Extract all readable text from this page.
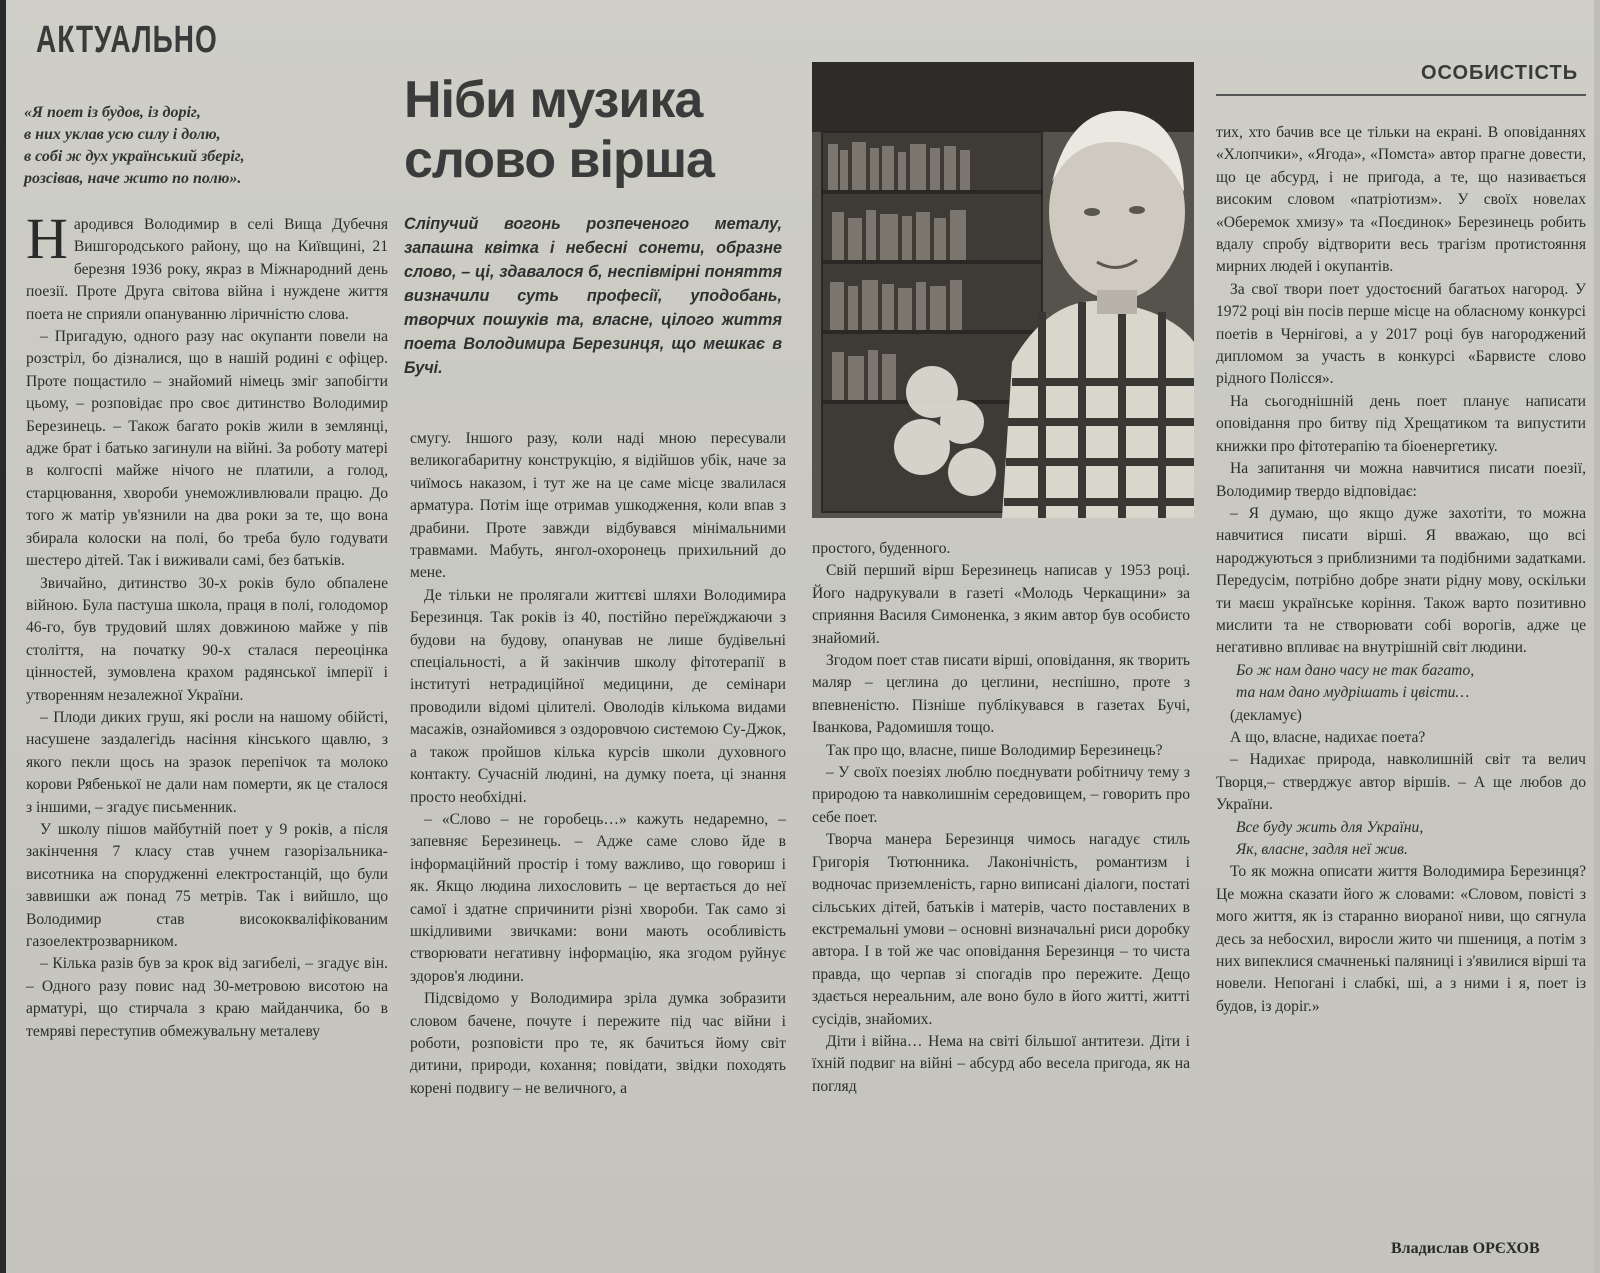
АКТУАЛЬНО
ОСОБИСТІСТЬ
«Я поет із будов, із доріг,
в них уклав усю силу і долю,
в собі ж дух український зберіг,
розсівав, наче жито по полю».
Ніби музика
слово вірша
Сліпучий вогонь розпеченого металу, запашна квітка і небесні сонети, образне слово, – ці, здавалося б, неспівмірні поняття визначили суть професії, уподобань, творчих пошуків та, власне, цілого життя поета Володимира Березинця, що мешкає в Бучі.

Народився Володимир в селі Вища Дубечня Вишгородського району, що на Київщині, 21 березня 1936 року, якраз в Міжнародний день поезії. Проте Друга світова війна і нуждене життя поета не сприяли опануванню ліричністю слова.

– Пригадую, одного разу нас окупанти повели на розстріл, бо дізналися, що в нашій родині є офіцер. Проте пощастило – знайомий німець зміг запобігти цьому, – розповідає про своє дитинство Володимир Березинець. – Також багато років жили в землянці, адже брат і батько загинули на війні. За роботу матері в колгоспі майже нічого не платили, а голод, старцювання, хвороби унеможливлювали працю. До того ж матір ув'язнили на два роки за те, що вона збирала колоски на полі, бо треба було годувати шестеро дітей. Так і виживали самі, без батьків.

Звичайно, дитинство 30-х років було обпалене війною. Була пастуша школа, праця в полі, голодомор 46-го, був трудовий шлях довжиною майже у пів століття, на початку 90-х сталася переоцінка цінностей, зумовлена крахом радянської імперії і утворенням незалежної України.

– Плоди диких груш, які росли на нашому обійсті, насушене заздалегідь насіння кінського щавлю, з якого пекли щось на зразок перепічок та молоко корови Рябенької не дали нам померти, як це сталося з іншими, – згадує письменник.

У школу пішов майбутній поет у 9 років, а після закінчення 7 класу став учнем газорізальника-висотника на спорудженні електростанцій, що були заввишки аж понад 75 метрів. Так і вийшло, що Володимир став висококваліфікованим газоелектрозварником.

– Кілька разів був за крок від загибелі, – згадує він. – Одного разу повис над 30-метровою висотою на арматурі, що стирчала з краю майданчика, бо в темряві переступив обмежувальну металеву

смугу. Іншого разу, коли наді мною пересували великогабаритну конструкцію, я відійшов убік, наче за чиїмось наказом, і тут же на це саме місце звалилася арматура. Потім іще отримав ушкодження, коли впав з драбини. Проте завжди відбувався мінімальними травмами. Мабуть, янгол-охоронець прихильний до мене.

Де тільки не пролягали життєві шляхи Володимира Березинця. Так років із 40, постійно переїжджаючи з будови на будову, опанував не лише будівельні спеціальності, а й закінчив школу фітотерапії в інституті нетрадиційної медицини, де семінари проводили відомі цілителі. Оволодів кількома видами масажів, ознайомився з оздоровчою системою Су-Джок, а також пройшов кілька курсів школи духовного контакту. Сучасній людині, на думку поета, ці знання просто необхідні.

– «Слово – не горобець…» кажуть недаремно, – запевняє Березинець. – Адже саме слово йде в інформаційний простір і тому важливо, що говориш і як. Якщо людина лихословить – це вертається до неї самої і здатне спричинити різні хвороби. Так само зі шкідливими звичками: вони мають особливість створювати негативну інформацію, яка згодом руйнує здоров'я людини.

Підсвідомо у Володимира зріла думка зобразити словом бачене, почуте і пережите під час війни і роботи, розповісти про те, як бачиться йому світ дитини, природи, кохання; повідати, звідки походять корені подвигу – не величного, а

простого, буденного.

Свій перший вірш Березинець написав у 1953 році. Його надрукували в газеті «Молодь Черкащини» за сприяння Василя Симоненка, з яким автор був особисто знайомий.

Згодом поет став писати вірші, оповідання, як творить маляр – цеглина до цеглини, неспішно, проте з впевненістю. Пізніше публікувався в газетах Бучі, Іванкова, Радомишля тощо.

Так про що, власне, пише Володимир Березинець?

– У своїх поезіях люблю поєднувати робітничу тему з природою та навколишнім середовищем, – говорить про себе поет.

Творча манера Березинця чимось нагадує стиль Григорія Тютюнника. Лаконічність, романтизм і водночас приземленість, гарно виписані діалоги, постаті сільських дітей, батьків і матерів, часто поставлених в екстремальні умови – основні визначальні риси доробку автора. І в той же час оповідання Березинця – то чиста правда, що черпав зі спогадів про пережите. Дещо здається нереальним, але воно було в його житті, житті сусідів, знайомих.

Діти і війна… Нема на світі більшої антитези. Діти і їхній подвиг на війні – абсурд або весела пригода, як на погляд

тих, хто бачив все це тільки на екрані. В оповіданнях «Хлопчики», «Ягода», «Помста» автор прагне довести, що це абсурд, і не пригода, а те, що називається високим словом «патріотизм». У своїх новелах «Оберемок хмизу» та «Поєдинок» Березинець робить вдалу спробу відтворити весь трагізм протистояння мирних людей і окупантів.

За свої твори поет удостоєний багатьох нагород. У 1972 році він посів перше місце на обласному конкурсі поетів в Чернігові, а у 2017 році був нагороджений дипломом за участь в конкурсі «Барвисте слово рідного Полісся».

На сьогоднішній день поет планує написати оповідання про битву під Хрещатиком та випустити книжки про фітотерапію та біоенергетику.

На запитання чи можна навчитися писати поезії, Володимир твердо відповідає:

– Я думаю, що якщо дуже захотіти, то можна навчитися писати вірші. Я вважаю, що всі народжуються з приблизними та подібними задатками. Передусім, потрібно добре знати рідну мову, оскільки ти маєш українське коріння. Також варто позитивно мислити та не створювати собі ворогів, адже це негативно впливає на внутрішній світ людини.

Бо ж нам дано часу не так багато,

та нам дано мудрішать і цвісти…

(декламує)

А що, власне, надихає поета?

– Надихає природа, навколишній світ та велич Творця,– стверджує автор віршів. – А ще любов до України.

Все буду жить для України,

Як, власне, задля неї жив.

То як можна описати життя Володимира Березинця? Це можна сказати його ж словами: «Словом, повісті з мого життя, як із старанно виораної ниви, що сягнула десь за небосхил, виросли жито чи пшениця, а потім з них випеклися смачненькі паляниці і з'явилися вірші та новели. Непогані і слабкі, ші, а з ними і я, поет із будов, із доріг.»

Владислав ОРЄХОВ
